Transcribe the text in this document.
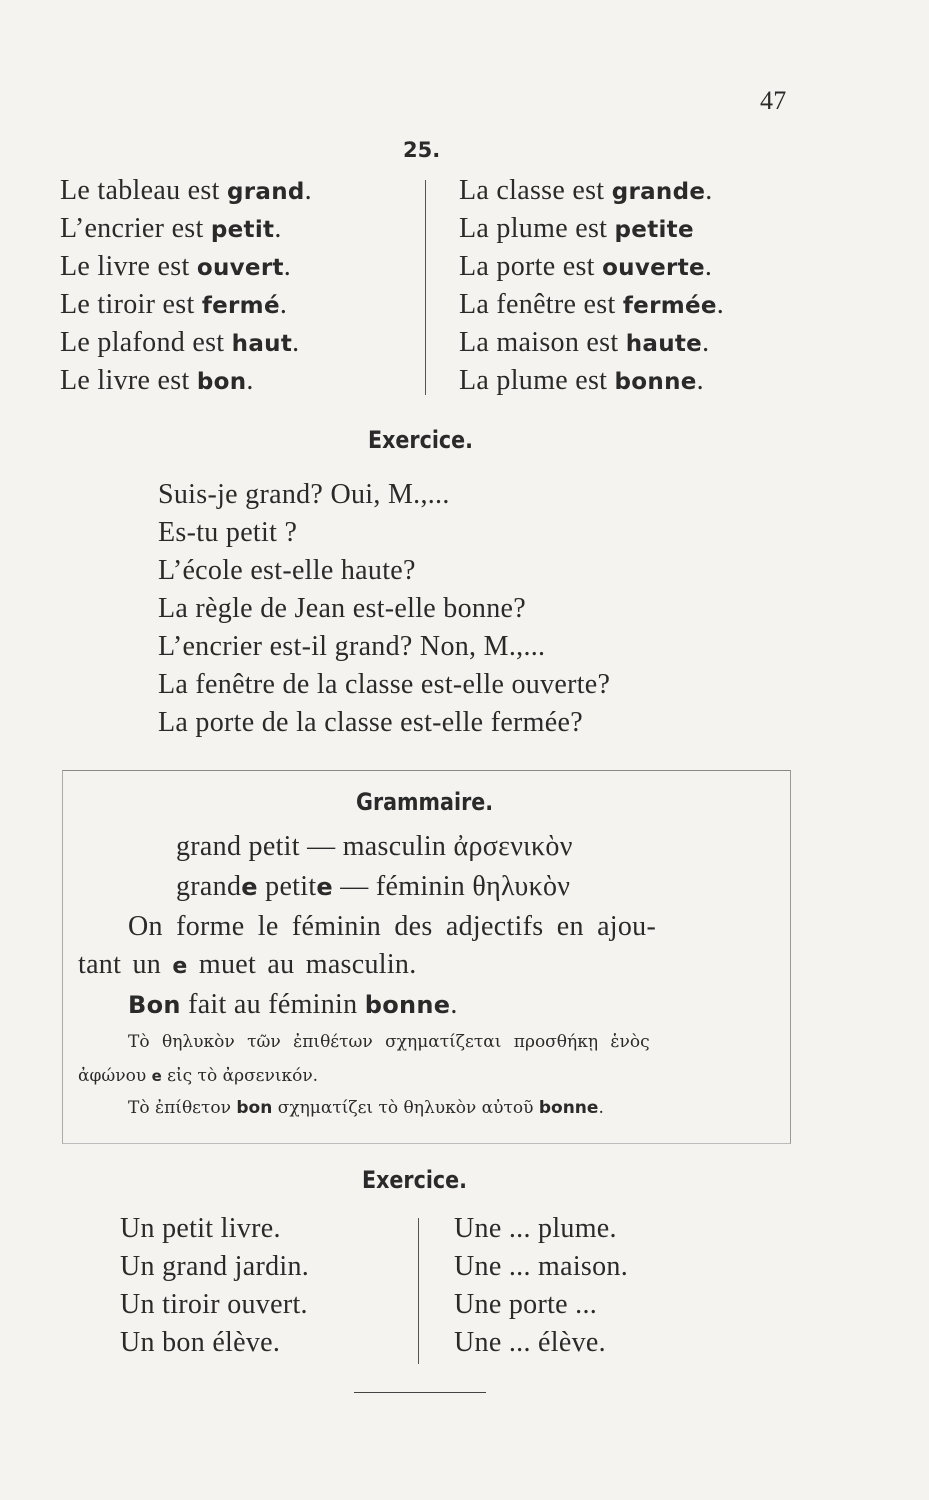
47
25.
Le tableau est grand.
L’encrier est petit.
Le livre est ouvert.
Le tiroir est fermé.
Le plafond est haut.
Le livre est bon.
La classe est grande.
La plume est petite
La porte est ouverte.
La fenêtre est fermée.
La maison est haute.
La plume est bonne.
Exercice.
Suis-je grand? Oui, M.,...
Es-tu petit ?
L’école est-elle haute?
La règle de Jean est-elle bonne?
L’encrier est-il grand? Non, M.,...
La fenêtre de la classe est-elle ouverte?
La porte de la classe est-elle fermée?
Grammaire.
grand petit — masculin ἀρσενικὸν
grande petite — féminin θηλυκὸν
On forme le féminin des adjectifs en ajou-
tant un e muet au masculin.
Bon fait au féminin bonne.
Τὸ θηλυκὸν τῶν ἐπιθέτων σχηματίζεται προσθήκῃ ἑνὸς
ἀφώνου e εἰς τὸ ἀρσενικόν.
Τὸ ἐπίθετον bon σχηματίζει τὸ θηλυκὸν αὐτοῦ bonne.
Exercice.
Un petit livre.
Un grand jardin.
Un tiroir ouvert.
Un bon élève.
Une ... plume.
Une ... maison.
Une porte ...
Une ... élève.
